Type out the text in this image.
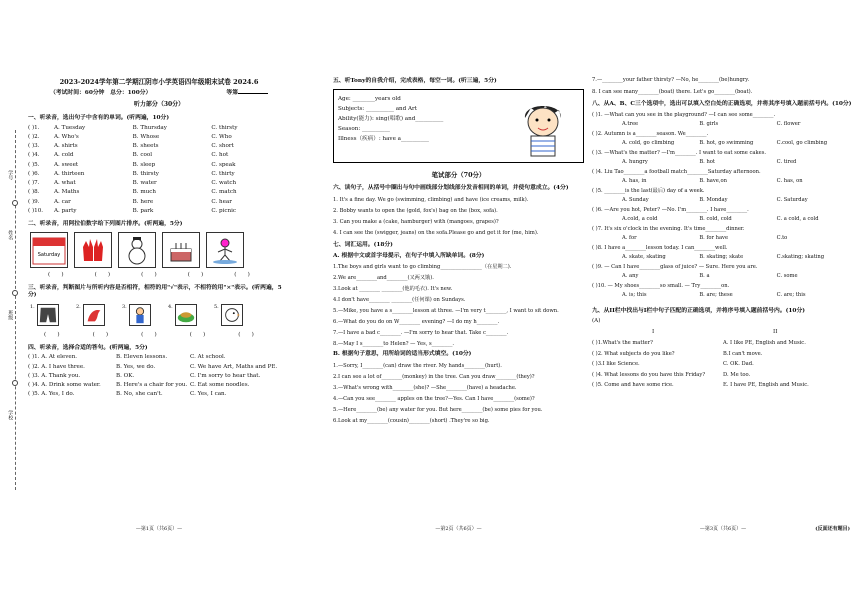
学号
姓名
班级
学校
2023-2024学年第二学期江阴市小学英语四年级期末试卷 2024.6
（考试时间：60分钟　总分：100分）	等第
听力部分（30分）
一、听录音，选出句子中含有的单词。(听两遍，10分)
( )1.	A. Tuesday	B. Thursday	C. thirsty
( )2.	A. Who's	B. Whose	C. Who
( )3.	A. shirts	B. sheets	C. short
( )4.	A. cold	B. cool	C. hot
( )5.	A. sweet	B. sleep	C. speak
( )6.	A. thirteen	B. thirsty	C. thirty
( )7.	A. what	B. water	C. watch
( )8.	A. Maths	B. much	C. match
( )9.	A. car	B. here	C. hear
( )10.	A. party	B. park	C. picnic
二、听录音，用阿拉伯数字给下列图片排序。(听两遍，5分)
Saturday
(　　)	(　　)	(　　)	(　　)	(　　)
三、听录音，判断图片与所听内容是否相符，相符的用"√"表示，不相符的用"×"表示。(听两遍，5分)
1.	2.	3.	4.	5.
(　　)	(　　)	(　　)	(　　)	(　　)
四、听录音，选择合适的答句。(听两遍，5分)
( )1. A. At eleven.	B. Eleven lessons.	C. At school.
( )2. A. I have three.	B. Yes, we do.	C. We have Art, Maths and PE.
( )3. A. Thank you.	B. OK.	C. I'm sorry to hear that.
( )4. A. Drink some water.	B. Here's a chair for you. C. Eat some noodles.
( )5. A. Yes, I do.	B. No, she can't.	C. Yes, I can.
—第1页（共6页）—
五、听Tony的自我介绍，完成表格，每空一词。(听三遍，5分)
Age: ________years old
Subjects: __________ and Art
Ability(能力): sing(唱歌) and__________
Season: __________
Illness（疾病）: have a__________
笔试部分（70分）
六、读句子，从括号中圈出与句中画线部分划线部分发音相同的单词，并使句意成立。(4分)
1. It's a fine day. We go (swimming, climbing) and have (ice creams, milk).
2. Bobby wants to open the (gold, fox's) bag on the (box, sofa).
3. Can you make a (cake, hamburger) with (mangoes, grapes)?
4. I can see the (swigger, jeans) on the sofa.Please go and get it for (me, him).
七、词汇运用。(18分)
A. 根据中文或首字母提示，在句子中填入所缺单词。(8分)
1.The boys and girls want to go climbing________________（在星期二).
2.We are________and________(又两又饿).
3.Look at ________ ________(他的毛衣). It's new.
4.I don't have________ ________(任何课) on Sundays.
5.—Mike, you have a s________lesson at three. —I'm very t________, I want to sit down.
6.—What do you do on W________ evening? —I do my h________.
7.—I have a bad c________. —I'm sorry to hear that. Take c________.
8.—May I s________to Helen? — Yes, s________.
B. 根据句子意思，用所给词的适当形式填空。(10分)
1.—Sorry, I________(can) draw the river. My hands________(hurt).
2.I can see a lot of________(monkey) in the tree. Can you draw________(they)?
3.—What's wrong with________(she)? —She________(have) a headache.
4.—Can you see________ apples on the tree?—Yes. Can I have________(some)?
5.—Here________(be) any water for you. But here________(be) some pies for you.
6.Look at my________(cousin)________(short) .They're so big.
—第2页（共6页）—
7.—________your father thirsty? —No, he________(be)hungry.
8. I can see many________(boat) there. Let's go________(boat).
八、从A、B、C三个选项中，选出可以填入空白处的正确选项，并将其序号填入题前括号内。(10分)
( )1. —What can you see in the playground? —I can see some________.
A.tree	B. girls	C. flower
( )2. Autumn is a________season. We________.
A. cold, go climbing	B. hot, go swimming	C.cool, go climbing
( )3. —What's the matter? —I'm________. I want to eat some cakes.
A. hungry	B. hot	C. tired
( )4. Liu Tao________a football match________Saturday afternoon.
A. has, in	B. have,on	C. has, on
( )5. ________is the last(最后) day of a week.
A. Sunday	B. Monday	C. Saturday
( )6. —Are you hot, Peter? —No. I'm________. I have________.
A.cold, a cold	B. cold, cold	C. a cold, a cold
( )7. It's six o'clock in the evening. It's time________dinner.
A. for	B. for have	C.to
( )8. I have a________lesson today. I can________well.
A. skate, skating	B. skating; skate	C.skating; skating
( )9. — Can I have________glass of juice? — Sure. Here you are.
A. any	B. a	C. some
( )10. — My shoes________so small. — Try________on.
A. is; this	B. are; these	C. are; this
九、从II栏中找出与I栏中句子匹配的正确选项，并将序号填入题前括号内。(10分)
(A)
I	II
( )1.What's the matter?	A. I like PE, English and Music.
( )2. What subjects do you like?	B.I can't move.
( )3.I like Science.	C. OK. Dad.
( )4. What lessons do you have this Friday?	D. Me too.
( )5. Come and have some rice.	E. I have PE, English and Music.
—第3页（共6页）—	(反面还有题目)
